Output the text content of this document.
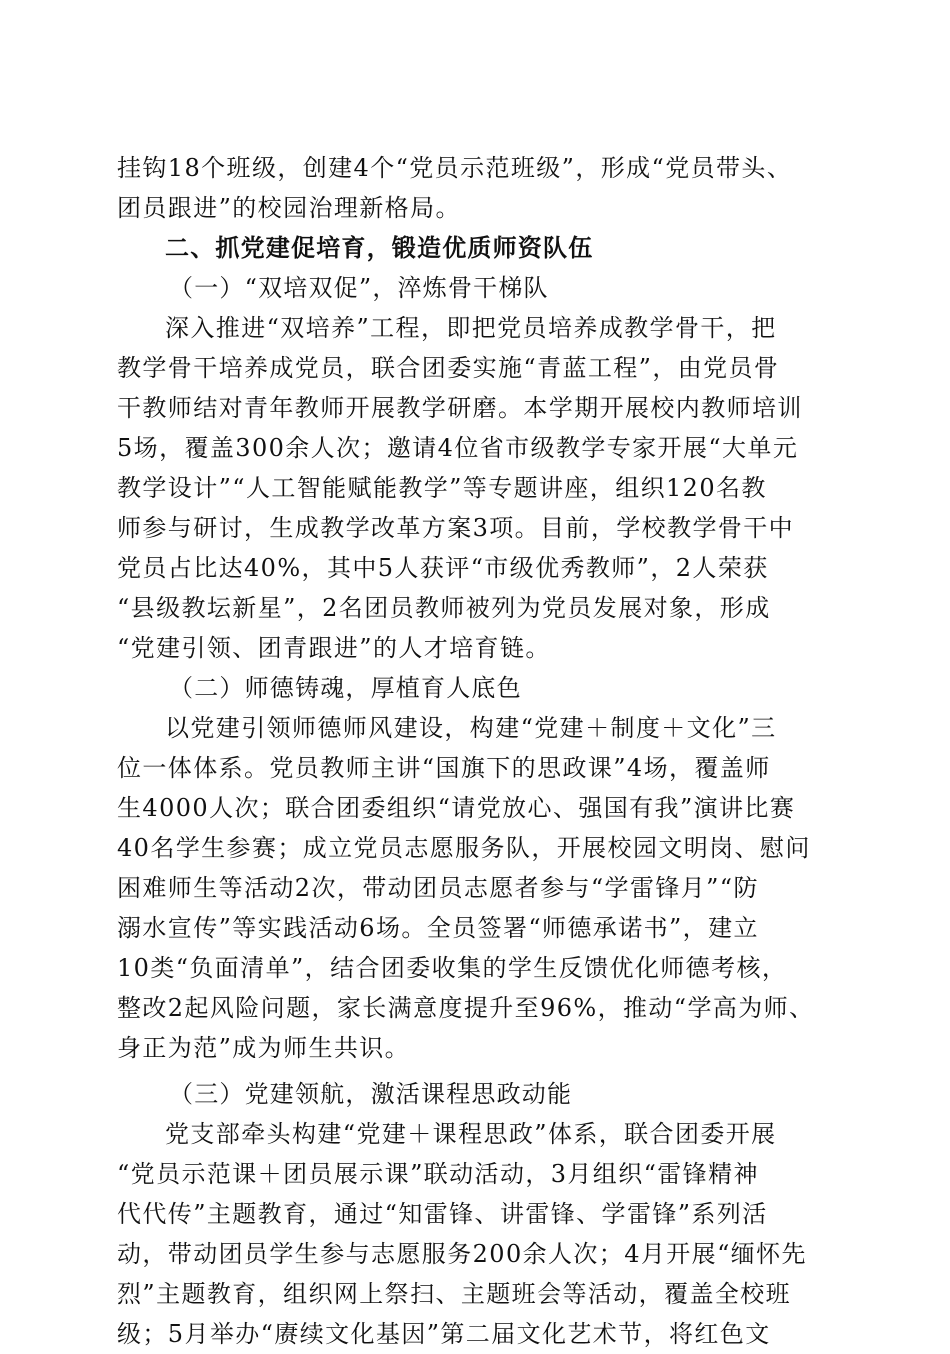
挂钩18个班级，创建4个“党员示范班级”，形成“党员带头、
团员跟进”的校园治理新格局。
二、抓党建促培育，锻造优质师资队伍
（一）“双培双促”，淬炼骨干梯队
深入推进“双培养”工程，即把党员培养成教学骨干，把
教学骨干培养成党员，联合团委实施“青蓝工程”，由党员骨
干教师结对青年教师开展教学研磨。本学期开展校内教师培训
5场，覆盖300余人次；邀请4位省市级教学专家开展“大单元
教学设计”“人工智能赋能教学”等专题讲座，组织120名教
师参与研讨，生成教学改革方案3项。目前，学校教学骨干中
党员占比达40%，其中5人获评“市级优秀教师”，2人荣获
“县级教坛新星”，2名团员教师被列为党员发展对象，形成
“党建引领、团青跟进”的人才培育链。
（二）师德铸魂，厚植育人底色
以党建引领师德师风建设，构建“党建＋制度＋文化”三
位一体体系。党员教师主讲“国旗下的思政课”4场，覆盖师
生4000人次；联合团委组织“请党放心、强国有我”演讲比赛
40名学生参赛；成立党员志愿服务队，开展校园文明岗、慰问
困难师生等活动2次，带动团员志愿者参与“学雷锋月”“防
溺水宣传”等实践活动6场。全员签署“师德承诺书”，建立
10类“负面清单”，结合团委收集的学生反馈优化师德考核，
整改2起风险问题，家长满意度提升至96%，推动“学高为师、
身正为范”成为师生共识。
（三）党建领航，激活课程思政动能
党支部牵头构建“党建＋课程思政”体系，联合团委开展
“党员示范课＋团员展示课”联动活动，3月组织“雷锋精神
代代传”主题教育，通过“知雷锋、讲雷锋、学雷锋”系列活
动，带动团员学生参与志愿服务200余人次；4月开展“缅怀先
烈”主题教育，组织网上祭扫、主题班会等活动，覆盖全校班
级；5月举办“赓续文化基因”第二届文化艺术节，将红色文
